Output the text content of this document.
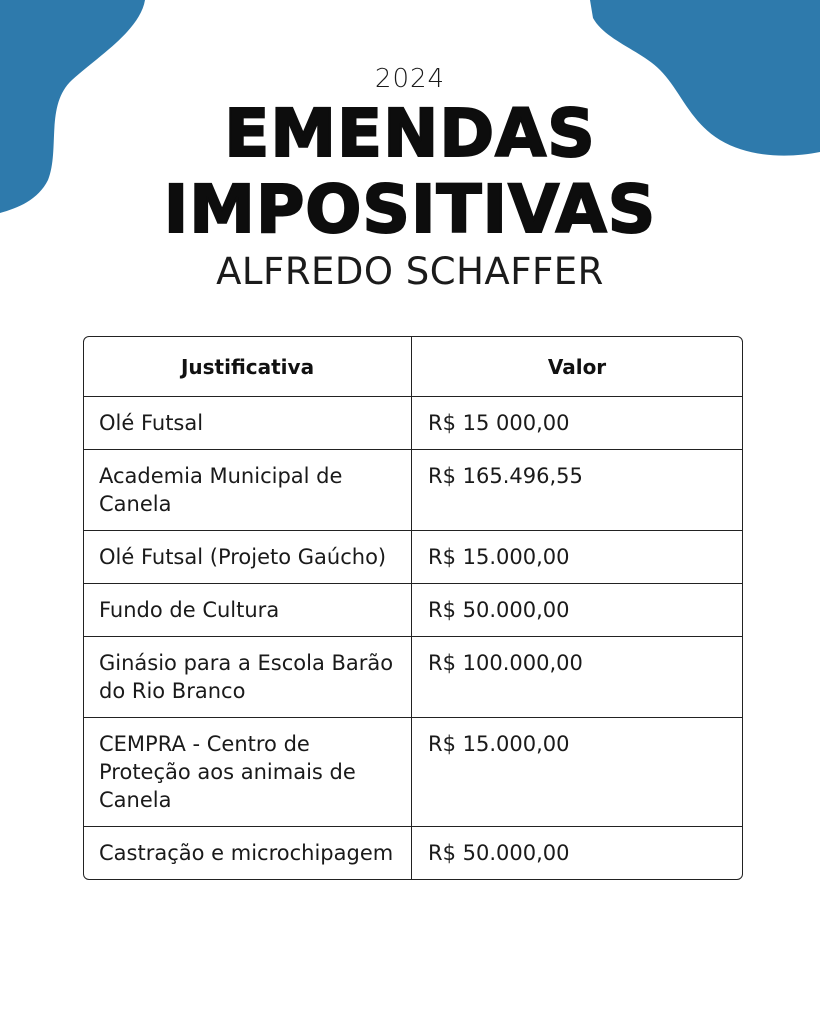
2024
EMENDAS
IMPOSITIVAS
ALFREDO SCHAFFER
Justificativa	Valor
Olé Futsal	R$ 15 000,00
Academia Municipal de Canela	R$ 165.496,55
Olé Futsal (Projeto Gaúcho)	R$ 15.000,00
Fundo de Cultura	R$ 50.000,00
Ginásio para a Escola Barão do Rio Branco	R$ 100.000,00
CEMPRA - Centro de Proteção aos animais de Canela	R$ 15.000,00
Castração e microchipagem	R$ 50.000,00
